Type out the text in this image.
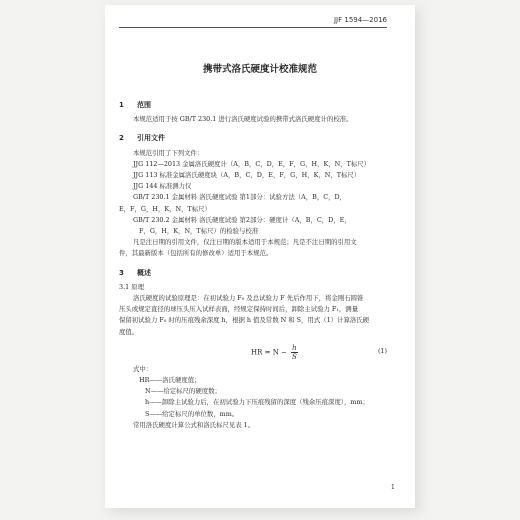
JJF 1594—2016
携带式洛氏硬度计校准规范
1 范围
本规范适用于按 GB/T 230.1 进行洛氏硬度试验的携带式洛氏硬度计的校准。
2 引用文件
本规范引用了下列文件：
JJG 112—2013 金属洛氏硬度计（A，B，C，D，E，F，G，H，K，N，T标尺）
JJG 113 标准金属洛氏硬度块（A，B，C，D，E，F，G，H，K，N，T标尺）
JJG 144 标准测力仪
GB/T 230.1 金属材料 洛氏硬度试验 第1部分：试验方法（A，B，C，D，
E，F，G，H，K，N，T标尺）
GB/T 230.2 金属材料 洛氏硬度试验 第2部分：硬度计（A，B，C，D，E，
F，G，H，K，N，T标尺）的检验与校准
凡是注日期的引用文件，仅注日期的版本适用于本规范；凡是不注日期的引用文
件，其最新版本（包括所有的修改单）适用于本规范。
3 概述
3.1 原理
洛氏硬度的试验原理是：在初试验力 F₀ 及总试验力 F 先后作用下，将金刚石圆锥
压头或规定直径的球压头压入试样表面，经规定保持时间后，卸除主试验力 F₁，测量
保留初试验力 F₀ 时的压痕残余深度 h，根据 h 值及常数 N 和 S，用式（1）计算洛氏硬
度值。
HR = $N - \frac{h}{S}$	(1)
式中：
HR——洛氏硬度值；
N——给定标尺的硬度数；
h——卸除主试验力后，在初试验力下压痕残留的深度（残余压痕深度），mm；
S——给定标尺的单位数，mm。
常用洛氏硬度计算公式和洛氏标尺见表 1。
1
